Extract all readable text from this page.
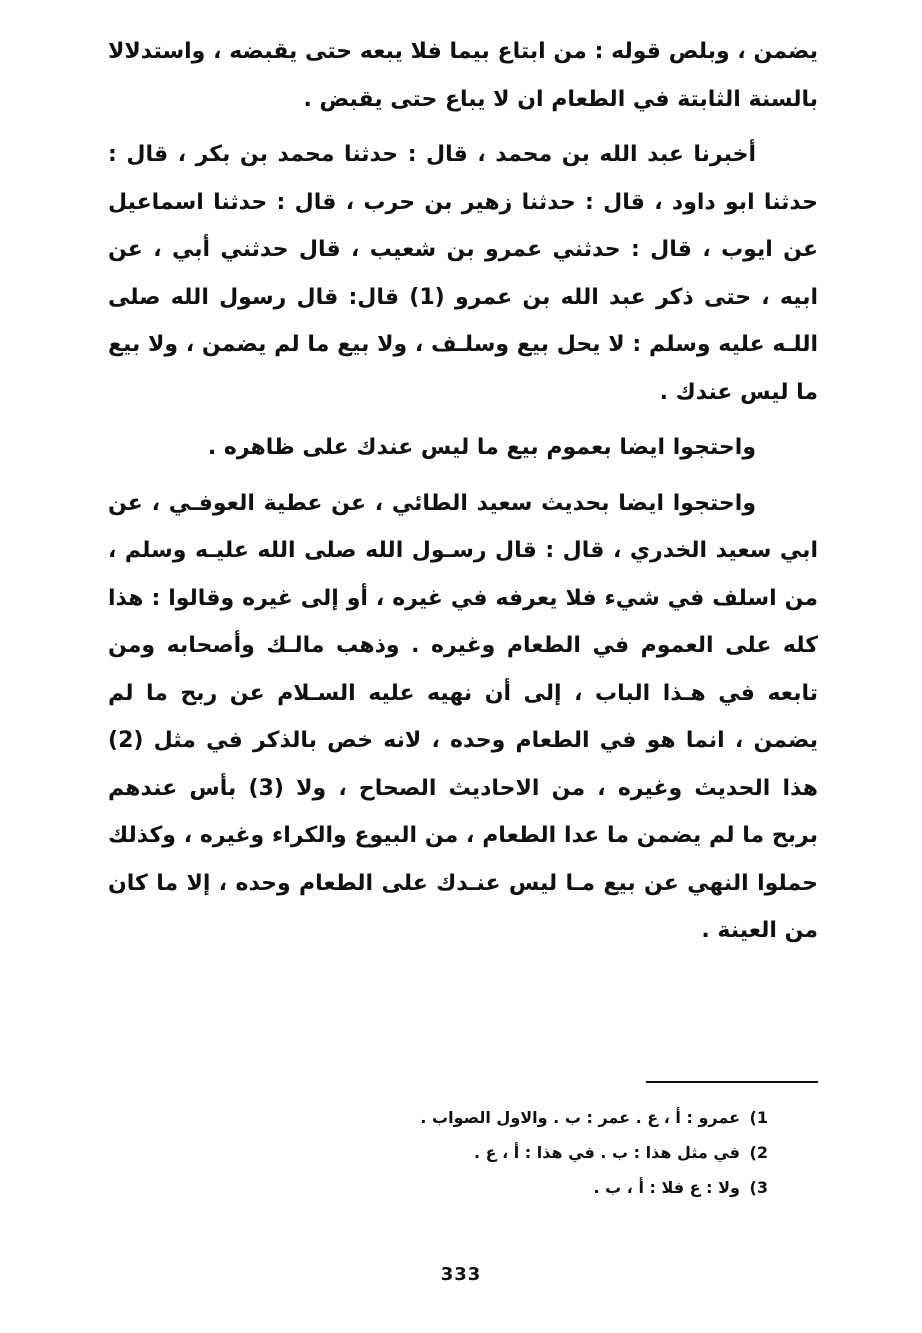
يضمن ، وبلص قوله : من ابتاع بيما فلا يبعه حتى يقبضه ، واستدلالا بالسنة الثابتة في الطعام ان لا يباع حتى يقبض .

أخبرنا عبد الله بن محمد ، قال : حدثنا محمد بن بكر ، قال : حدثنا ابو داود ، قال : حدثنا زهير بن حرب ، قال : حدثنا اسماعيل عن ايوب ، قال : حدثني عمرو بن شعيب ، قال حدثني أبي ، عن ابيه ، حتى ذكر عبد الله بن عمرو (1) قال: قال رسول الله صلى اللـه عليه وسلم : لا يحل بيع وسلـف ، ولا بيع ما لم يضمن ، ولا بيع ما ليس عندك .

واحتجوا ايضا بعموم بيع ما ليس عندك على ظاهره .

واحتجوا ايضا بحديث سعيد الطائي ، عن عطية العوفـي ، عن ابي سعيد الخدري ، قال : قال رسـول الله صلى الله عليـه وسلم ، من اسلف في شيء فلا يعرفه في غيره ، أو إلى غيره وقالوا : هذا كله على العموم في الطعام وغيره . وذهب مالـك وأصحابه ومن تابعه في هـذا الباب ، إلى أن نهيه عليه السـلام عن ربح ما لم يضمن ، انما هو في الطعام وحده ، لانه خص بالذكر في مثل (2) هذا الحديث وغيره ، من الاحاديث الصحاح ، ولا (3) بأس عندهم بربح ما لم يضمن ما عدا الطعام ، من البيوع والكراء وغيره ، وكذلك حملوا النهي عن بيع مـا ليس عنـدك على الطعام وحده ، إلا ما كان من العينة .

1)عمرو : أ ، ع . عمر : ب . والاول الصواب .
2)في مثل هذا : ب . في هذا : أ ، ع .
3)ولا : ع فلا : أ ، ب .
333
